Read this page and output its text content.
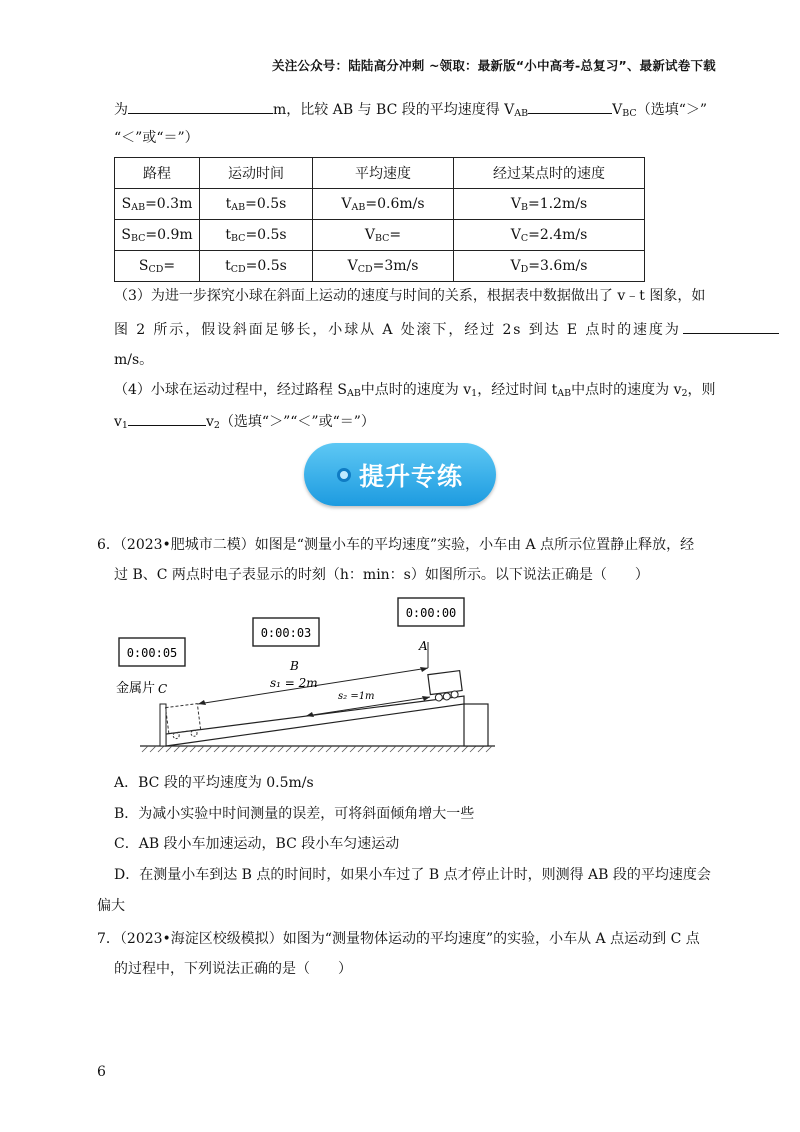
关注公众号：陆陆高分冲刺 ~领取：最新版“小中高考-总复习”、最新试卷下载
为	m，比较 AB 与 BC 段的平均速度得 $V_{AB}$	$V_{BC}$（选填“＞”
“＜”或“＝”）
路程	运动时间	平均速度	经过某点时的速度
$S_{AB}=0.3m$	$t_{AB}=0.5s$	$V_{AB}=0.6m/s$	$V_B=1.2m/s$
$S_{BC}=0.9m$	$t_{BC}=0.5s$	$V_{BC}=$	$V_C=2.4m/s$
$S_{CD}=$	$t_{CD}=0.5s$	$V_{CD}=3m/s$	$V_D=3.6m/s$
（3）为进一步探究小球在斜面上运动的速度与时间的关系，根据表中数据做出了 v﹣t 图象，如
图 2 所示，假设斜面足够长，小球从 A 处滚下，经过 2s 到达 E 点时的速度为
m/s。
（4）小球在运动过程中，经过路程 $S_{AB}$中点时的速度为 $v_1$，经过时间 $t_{AB}$中点时的速度为 $v_2$，则
$v_1$	$v_2$（选填“＞”“＜”或“＝”）
提升专练
6．（2023•肥城市二模）如图是“测量小车的平均速度”实验，小车由 A 点所示位置静止释放，经
过 B、C 两点时电子表显示的时刻（h：min：s）如图所示。以下说法正确是（　　）
0:00:05
0:00:03
0:00:00
金属片 C
B
A
s₁ = 2m
s₂ =1m
A．BC 段的平均速度为 0.5m/s
B．为减小实验中时间测量的误差，可将斜面倾角增大一些
C．AB 段小车加速运动，BC 段小车匀速运动
D．在测量小车到达 B 点的时间时，如果小车过了 B 点才停止计时，则测得 AB 段的平均速度会
偏大
7．（2023•海淀区校级模拟）如图为“测量物体运动的平均速度”的实验，小车从 A 点运动到 C 点
的过程中，下列说法正确的是（　　）
6
